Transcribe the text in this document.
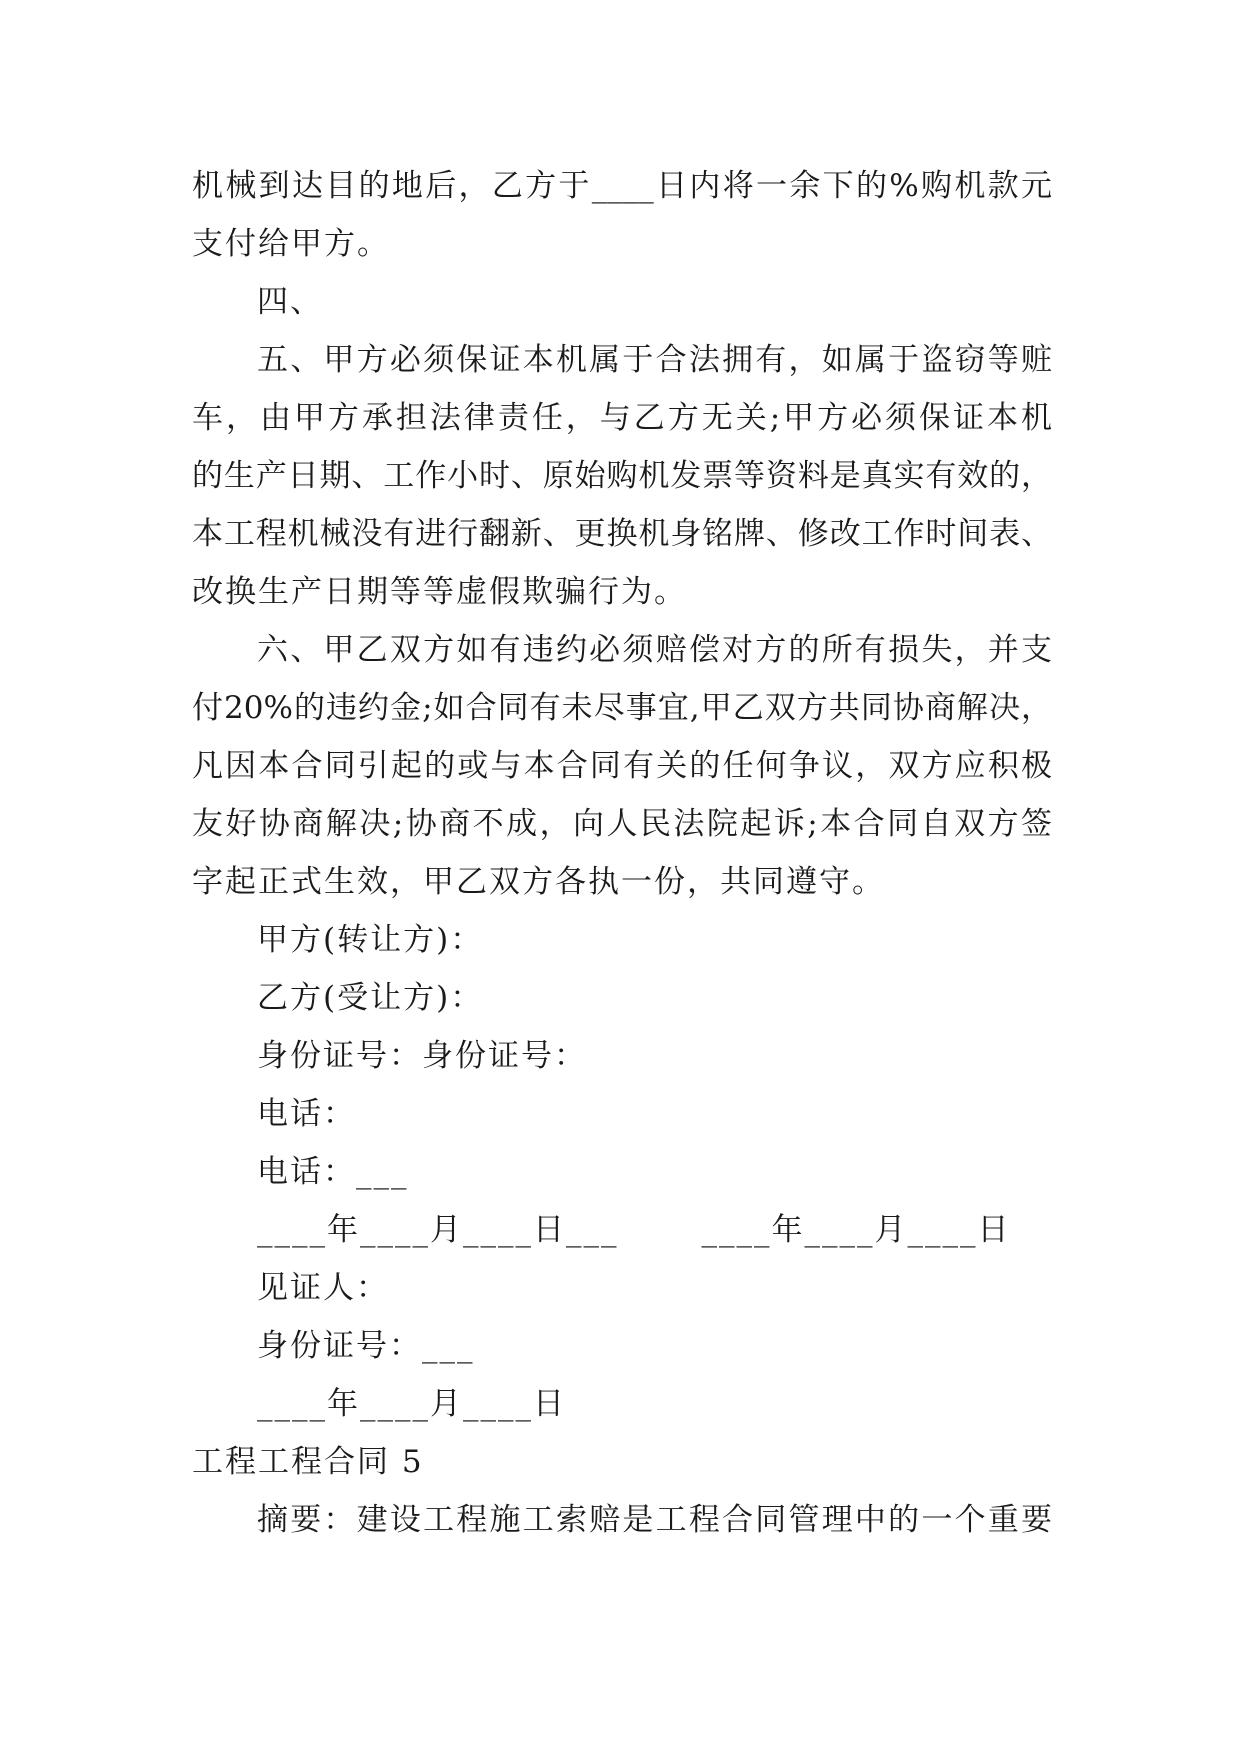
机械到达目的地后，乙方于____日内将一余下的%购机款元
支付给甲方。
四、
五、甲方必须保证本机属于合法拥有，如属于盗窃等赃
车，由甲方承担法律责任，与乙方无关;甲方必须保证本机
的生产日期、工作小时、原始购机发票等资料是真实有效的，
本工程机械没有进行翻新、更换机身铭牌、修改工作时间表、
改换生产日期等等虚假欺骗行为。
六、甲乙双方如有违约必须赔偿对方的所有损失，并支
付20%的违约金;如合同有未尽事宜,甲乙双方共同协商解决，
凡因本合同引起的或与本合同有关的任何争议，双方应积极
友好协商解决;协商不成，向人民法院起诉;本合同自双方签
字起正式生效，甲乙双方各执一份，共同遵守。
甲方(转让方)：
乙方(受让方)：
身份证号：身份证号：
电话：
电话：___
____年____月____日___       ____年____月____日
见证人：
身份证号：___
____年____月____日
工程工程合同 5
摘要：建设工程施工索赔是工程合同管理中的一个重要
